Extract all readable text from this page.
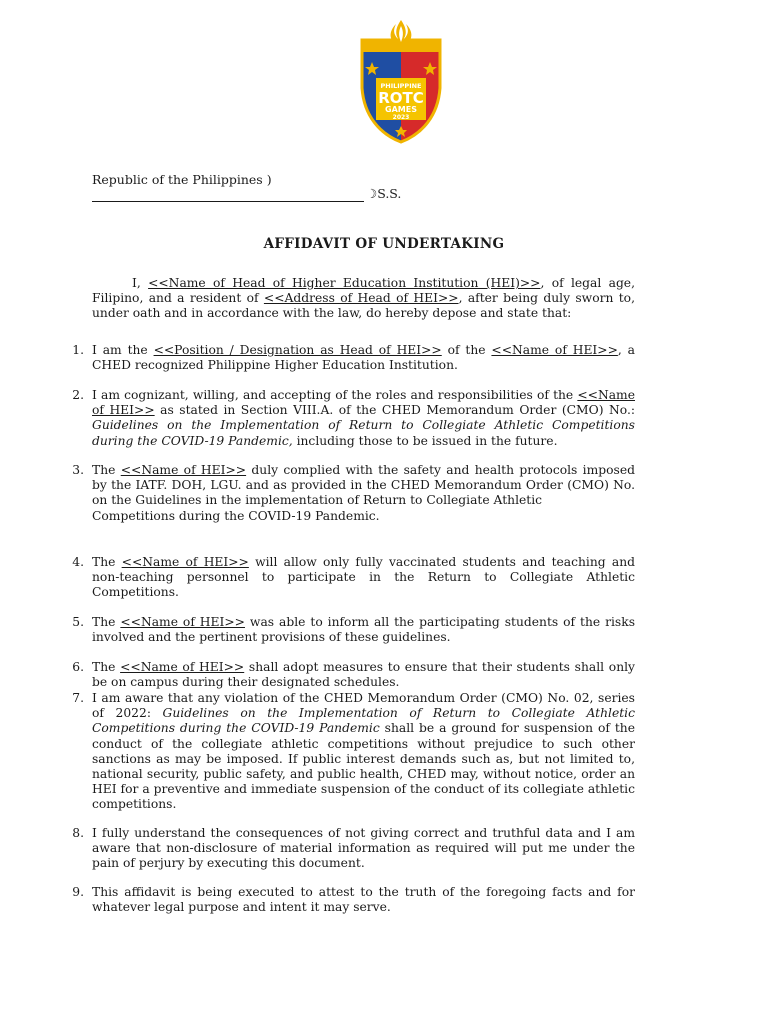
PHILIPPINE
ROTC
GAMES
2023
Republic of the Philippines )
☽S.S.
AFFIDAVIT OF UNDERTAKING
I, <<Name of Head of Higher Education Institution (HEI)>>, of legal age, Filipino, and a resident of <<Address of Head of HEI>>, after being duly sworn to, under oath and in accordance with the law, do hereby depose and state that:
1. I am the <<Position / Designation as Head of HEI>> of the <<Name of HEI>>, a CHED recognized Philippine Higher Education Institution.
2. I am cognizant, willing, and accepting of the roles and responsibilities of the <<Name of HEI>> as stated in Section VIII.A. of the CHED Memorandum Order (CMO) No.: Guidelines on the Implementation of Return to Collegiate Athletic Competitions during the COVID-19 Pandemic, including those to be issued in the future.
3. The <<Name of HEI>> duly complied with the safety and health protocols imposed by the IATF. DOH, LGU. and as provided in the CHED Memorandum Order (CMO) No. on the Guidelines in the implementation of Return to Collegiate Athletic
Competitions during the COVID-19 Pandemic.
4. The <<Name of HEI>> will allow only fully vaccinated students and teaching and non-teaching personnel to participate in the Return to Collegiate Athletic Competitions.
5. The <<Name of HEI>> was able to inform all the participating students of the risks involved and the pertinent provisions of these guidelines.
6. The <<Name of HEI>> shall adopt measures to ensure that their students shall only be on campus during their designated schedules.
7. I am aware that any violation of the CHED Memorandum Order (CMO) No. 02, series of 2022: Guidelines on the Implementation of Return to Collegiate Athletic Competitions during the COVID-19 Pandemic shall be a ground for suspension of the conduct of the collegiate athletic competitions without prejudice to such other sanctions as may be imposed. If public interest demands such as, but not limited to, national security, public safety, and public health, CHED may, without notice, order an HEI for a preventive and immediate suspension of the conduct of its collegiate athletic competitions.
8. I fully understand the consequences of not giving correct and truthful data and I am aware that non-disclosure of material information as required will put me under the pain of perjury by executing this document.
9. This affidavit is being executed to attest to the truth of the foregoing facts and for whatever legal purpose and intent it may serve.
